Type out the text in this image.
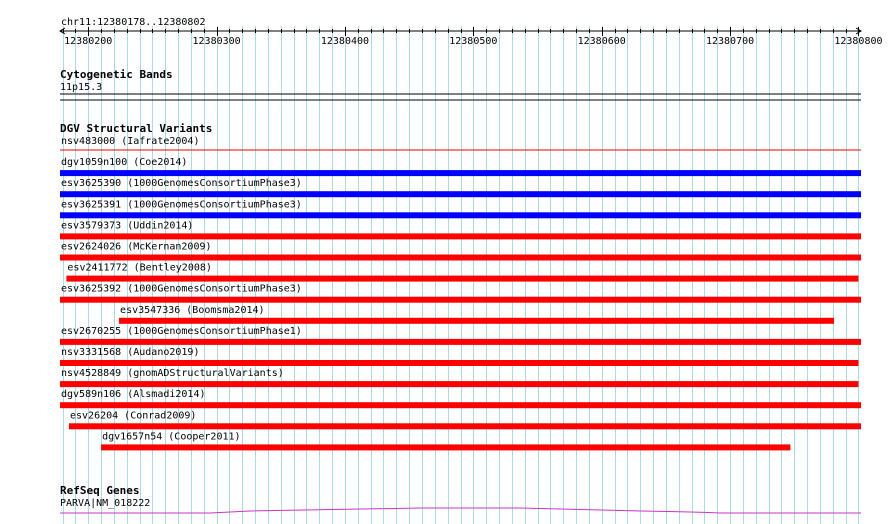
chr11:12380178..12380802
12380200	12380300	12380400	12380500	12380600	12380700	12380800
Cytogenetic Bands
11p15.3
DGV Structural Variants
nsv483000 (Iafrate2004)
dgv1059n100 (Coe2014)
esv3625390 (1000GenomesConsortiumPhase3)
esv3625391 (1000GenomesConsortiumPhase3)
esv3579373 (Uddin2014)
esv2624026 (McKernan2009)
esv2411772 (Bentley2008)
esv3625392 (1000GenomesConsortiumPhase3)
esv3547336 (Boomsma2014)
esv2670255 (1000GenomesConsortiumPhase1)
nsv3331568 (Audano2019)
nsv4528849 (gnomADStructuralVariants)
dgv589n106 (Alsmadi2014)
esv26204 (Conrad2009)
dgv1657n54 (Cooper2011)
RefSeq Genes
PARVA|NM_018222
